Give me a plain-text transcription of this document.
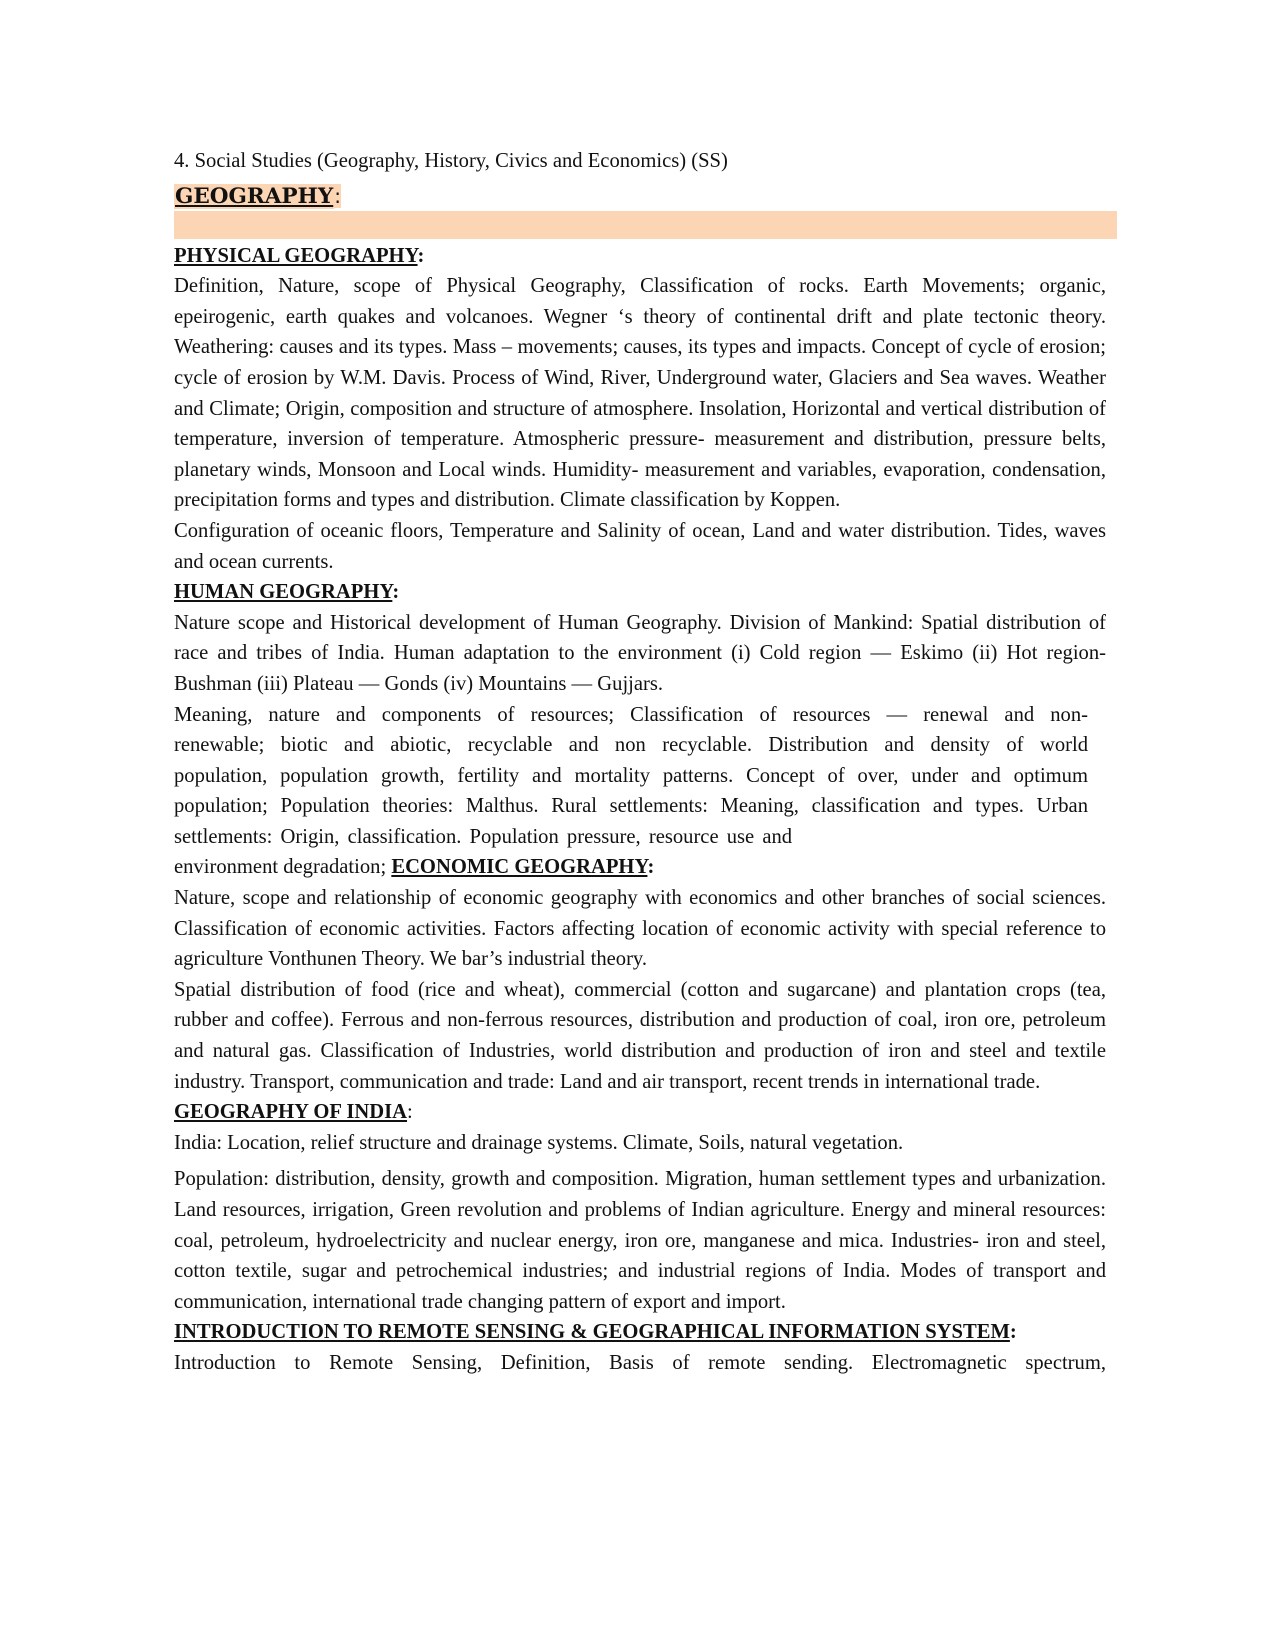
4. Social Studies (Geography, History, Civics and Economics) (SS)

GEOGRAPHY:

PHYSICAL GEOGRAPHY:

Definition, Nature, scope of Physical Geography, Classification of rocks. Earth Movements; organic, epeirogenic, earth quakes and volcanoes. Wegner ‘s theory of continental drift and plate tectonic theory. Weathering: causes and its types. Mass – movements; causes, its types and impacts. Concept of cycle of erosion; cycle of erosion by W.M. Davis. Process of Wind, River, Underground water, Glaciers and Sea waves. Weather and Climate; Origin, composition and structure of atmosphere. Insolation, Horizontal and vertical distribution of temperature, inversion of temperature. Atmospheric pressure- measurement and distribution, pressure belts, planetary winds, Monsoon and Local winds. Humidity- measurement and variables, evaporation, condensation, precipitation forms and types and distribution. Climate classification by Koppen.

Configuration of oceanic floors, Temperature and Salinity of ocean, Land and water distribution. Tides, waves and ocean currents.

HUMAN GEOGRAPHY:

Nature scope and Historical development of Human Geography. Division of Mankind: Spatial distribution of race and tribes of India. Human adaptation to the environment (i) Cold region — Eskimo (ii) Hot region- Bushman (iii) Plateau — Gonds (iv) Mountains — Gujjars.

Meaning, nature and components of resources; Classification of resources — renewal and non- renewable; biotic and abiotic, recyclable and non recyclable. Distribution and density of world population, population growth, fertility and mortality patterns. Concept of over, under and optimum population; Population theories: Malthus. Rural settlements: Meaning, classification and types. Urban settlements: Origin, classification. Population pressure, resource use and

environment degradation; ECONOMIC GEOGRAPHY:

Nature, scope and relationship of economic geography with economics and other branches of social sciences. Classification of economic activities. Factors affecting location of economic activity with special reference to agriculture Vonthunen Theory. We bar’s industrial theory.

Spatial distribution of food (rice and wheat), commercial (cotton and sugarcane) and plantation crops (tea, rubber and coffee). Ferrous and non-ferrous resources, distribution and production of coal, iron ore, petroleum and natural gas. Classification of Industries, world distribution and production of iron and steel and textile industry. Transport, communication and trade: Land and air transport, recent trends in international trade.

GEOGRAPHY OF INDIA:

India: Location, relief structure and drainage systems. Climate, Soils, natural vegetation.

Population: distribution, density, growth and composition. Migration, human settlement types and urbanization. Land resources, irrigation, Green revolution and problems of Indian agriculture. Energy and mineral resources: coal, petroleum, hydroelectricity and nuclear energy, iron ore, manganese and mica. Industries- iron and steel, cotton textile, sugar and petrochemical industries; and industrial regions of India. Modes of transport and communication, international trade changing pattern of export and import.

INTRODUCTION TO REMOTE SENSING & GEOGRAPHICAL INFORMATION SYSTEM:

Introduction to Remote Sensing, Definition, Basis of remote sending. Electromagnetic spectrum,
